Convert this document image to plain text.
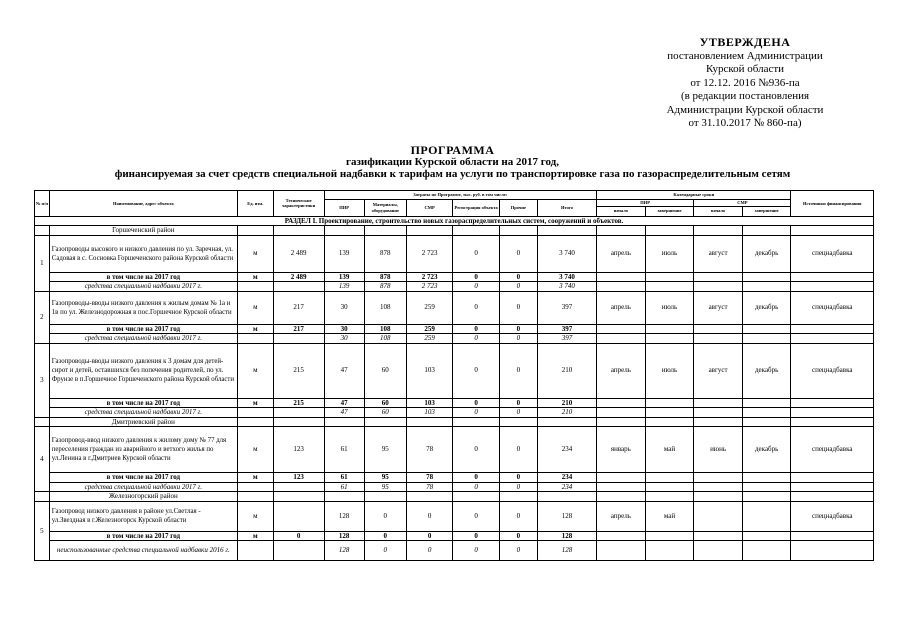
УТВЕРЖДЕНА
постановлением Администрации
Курской области
от 12.12. 2016 №936-па
(в редакции постановления
Администрации Курской области
от 31.10.2017 № 860-па)
ПРОГРАММА
газификации Курской области на 2017 год,
финансируемая за счет средств специальной надбавки к тарифам на услуги по транспортировке газа по газораспределительным сетям
№ п/п	Наименование, адрес объекта	Ед. изм.	Технические характеристики	Затраты по Программе, тыс. руб. в том числе:						Календарные сроки				Источники финансирования
				ПИР	Материалы, оборудование	СМР	Регистрация объекта	Прочие	Итого	ПИР		СМР		
										начало	завершение	начало	завершение	
РАЗДЕЛ I. Проектирование, строительство новых газораспределительных систем, сооружений и объектов.														
	Горшеченский район													
1	Газопроводы высокого и низкого давления по ул. Заречная, ул. Садовая в с. Сосновка Горшеченского района Курской области	м	2 489	139	878	2 723	0	0	3 740	апрель	июль	август	декабрь	спецнадбавка
	в том числе на 2017 год	м	2 489	139	878	2 723	0	0	3 740					
	средства специальной надбавки 2017 г.			139	878	2 723	0	0	3 740					
2	Газопроводы-вводы низкого давления к жилым домам № 1а и 1в по ул. Железнодорожная в пос.Горшечное Курской области	м	217	30	108	259	0	0	397	апрель	июль	август	декабрь	спецнадбавка
	в том числе на 2017 год	м	217	30	108	259	0	0	397					
	средства специальной надбавки 2017 г.			30	108	259	0	0	397					
3	Газопроводы-вводы низкого давления к 3 домам для детей-сирот и детей, оставшихся без попечения родителей, по ул. Фрунзе в п.Горшечное Горшеченского района Курской области	м	215	47	60	103	0	0	210	апрель	июль	август	декабрь	спецнадбавка
	в том числе на 2017 год	м	215	47	60	103	0	0	210					
	средства специальной надбавки 2017 г.			47	60	103	0	0	210					
	Дмитриевский район													
4	Газопровод-ввод низкого давления к жилому дому № 77 для переселения граждан из аварийного и ветхого жилья по ул.Ленина в г.Дмитриев Курской области	м	123	61	95	78	0	0	234	январь	май	июнь	декабрь	спецнадбавка
	в том числе на 2017 год	м	123	61	95	78	0	0	234					
	средства специальной надбавки 2017 г.			61	95	78	0	0	234					
	Железногорский район													
5	Газопровод низкого давления в районе ул.Светлая - ул.Звездная в г.Железногорск Курской области	м		128	0	0	0	0	128	апрель	май			спецнадбавка
	в том числе на 2017 год	м	0	128	0	0	0	0	128					
	неиспользованные средства специальной надбавки 2016 г.			128	0	0	0	0	128					
